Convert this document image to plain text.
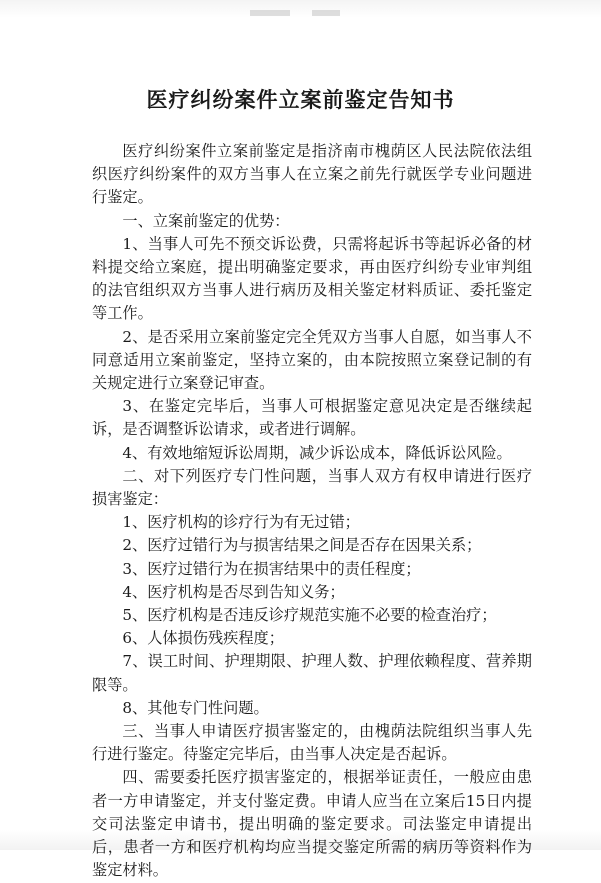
医疗纠纷案件立案前鉴定告知书

医疗纠纷案件立案前鉴定是指济南市槐荫区人民法院依法组织医疗纠纷案件的双方当事人在立案之前先行就医学专业问题进行鉴定。

一、立案前鉴定的优势：

1、当事人可先不预交诉讼费，只需将起诉书等起诉必备的材料提交给立案庭，提出明确鉴定要求，再由医疗纠纷专业审判组的法官组织双方当事人进行病历及相关鉴定材料质证、委托鉴定等工作。

2、是否采用立案前鉴定完全凭双方当事人自愿，如当事人不同意适用立案前鉴定，坚持立案的，由本院按照立案登记制的有关规定进行立案登记审查。

3、在鉴定完毕后，当事人可根据鉴定意见决定是否继续起诉，是否调整诉讼请求，或者进行调解。

4、有效地缩短诉讼周期，减少诉讼成本，降低诉讼风险。

二、对下列医疗专门性问题，当事人双方有权申请进行医疗损害鉴定：

1、医疗机构的诊疗行为有无过错；

2、医疗过错行为与损害结果之间是否存在因果关系；

3、医疗过错行为在损害结果中的责任程度；

4、医疗机构是否尽到告知义务；

5、医疗机构是否违反诊疗规范实施不必要的检查治疗；

6、人体损伤残疾程度；

7、误工时间、护理期限、护理人数、护理依赖程度、营养期限等。

8、其他专门性问题。

三、当事人申请医疗损害鉴定的，由槐荫法院组织当事人先行进行鉴定。待鉴定完毕后，由当事人决定是否起诉。

四、需要委托医疗损害鉴定的，根据举证责任，一般应由患者一方申请鉴定，并支付鉴定费。申请人应当在立案后15日内提交司法鉴定申请书，提出明确的鉴定要求。司法鉴定申请提出后，患者一方和医疗机构均应当提交鉴定所需的病历等资料作为鉴定材料。
